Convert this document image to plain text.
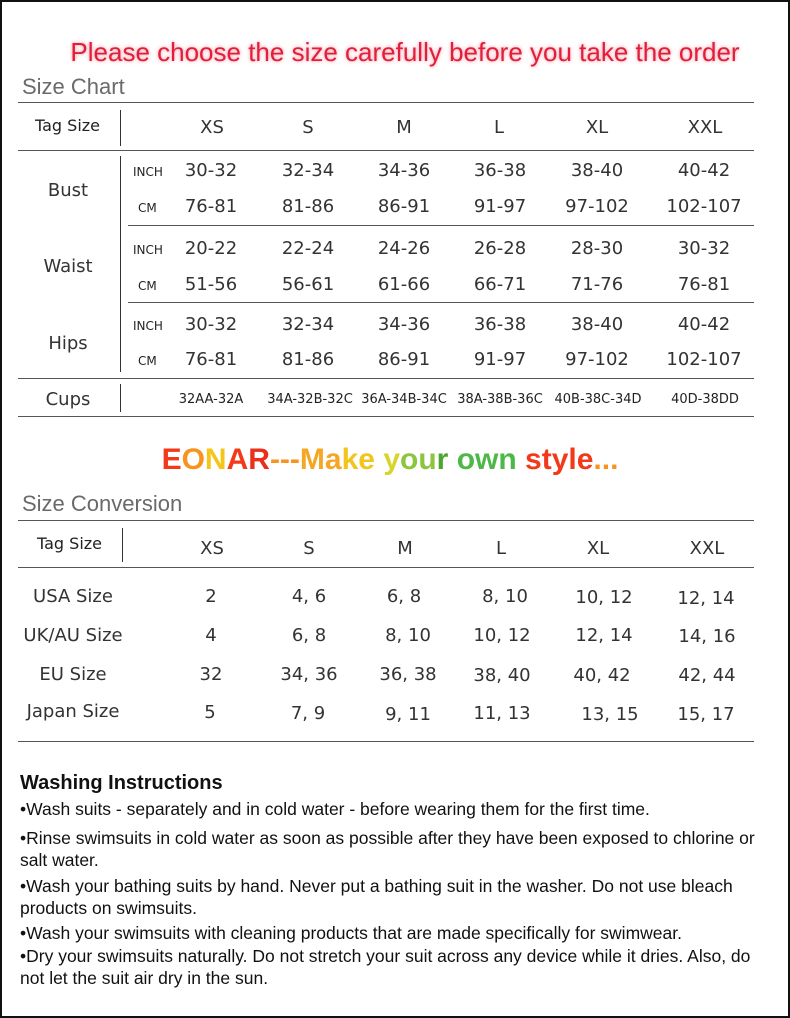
Please choose the size carefully before you take the order
Size Chart
Tag Size	XS	S	M	L	XL	XXL
Bust
INCH 30-32 32-34 34-36 36-38 38-40	40-42
CM 76-81 81-86 86-91 91-97 97-102 102-107
Waist
INCH 20-22 22-24 24-26 26-28 28-30	30-32
CM 51-56 56-61 61-66 66-71 71-76	76-81
Hips
INCH 30-32 32-34 34-36 36-38 38-40	40-42
CM 76-81 81-86 86-91 91-97 97-102 102-107
Cups	32AA-32A 34A-32B-32C 36A-34B-34C 38A-38B-36C 40B-38C-34D 40D-38DD
EONAR---Make your own style...
Size Conversion
Tag Size	XS	S	M	L	XL	XXL
USA Size	2	4, 6	6, 8	8, 10	10, 12 12, 14
UK/AU Size	4	6, 8	8, 10 10, 12 12, 14	14, 16
EU Size	32	34, 36 36, 38 38, 40 40, 42	42, 44
Japan Size	5	7, 9	9, 11 11, 13	13, 15 15, 17
Washing Instructions
•Wash suits - separately and in cold water - before wearing them for the first time.
•Rinse swimsuits in cold water as soon as possible after they have been exposed to chlorine or salt water.
•Wash your bathing suits by hand. Never put a bathing suit in the washer. Do not use bleach products on swimsuits.
•Wash your swimsuits with cleaning products that are made specifically for swimwear.
•Dry your swimsuits naturally. Do not stretch your suit across any device while it dries. Also, do not let the suit air dry in the sun.
